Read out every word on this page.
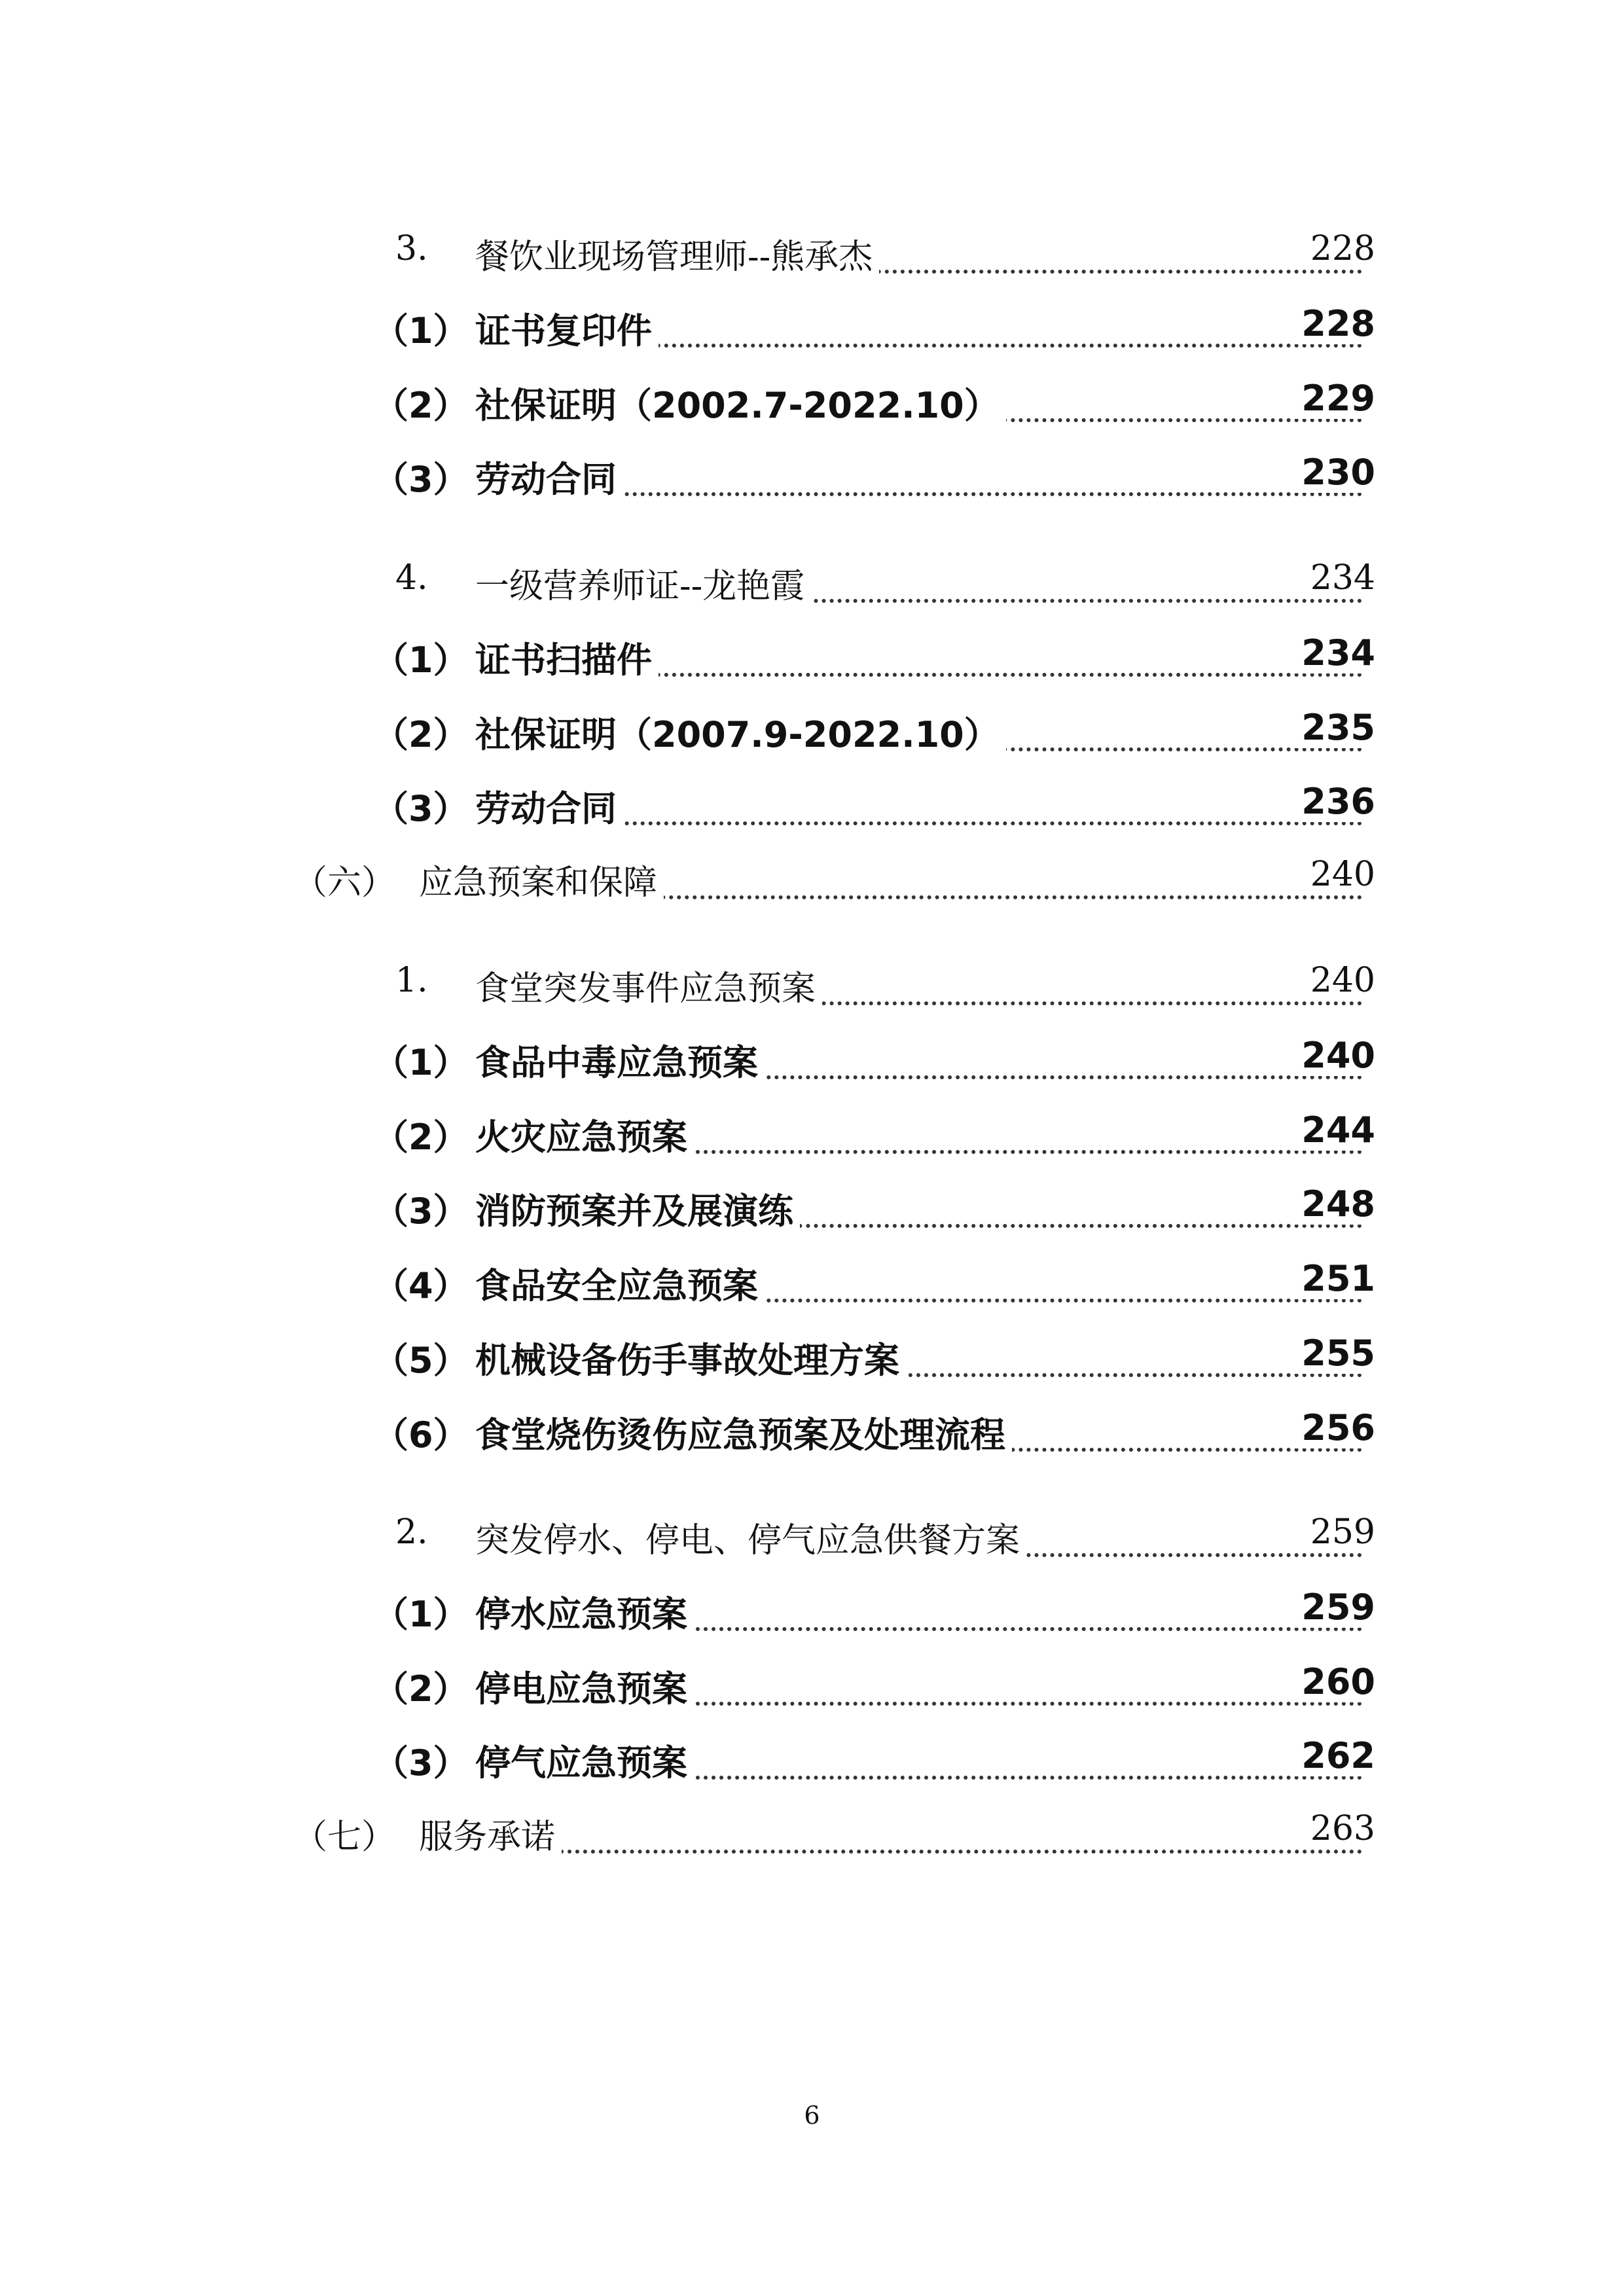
3. 餐饮业现场管理师--熊承杰	228
（1） 证书复印件	228
（2） 社保证明（2002.7-2022.10）	229
（3） 劳动合同	230
4. 一级营养师证--龙艳霞	234
（1） 证书扫描件	234
（2） 社保证明（2007.9-2022.10）	235
（3） 劳动合同	236
（六） 应急预案和保障	240
1. 食堂突发事件应急预案	240
（1） 食品中毒应急预案	240
（2） 火灾应急预案	244
（3） 消防预案并及展演练	248
（4） 食品安全应急预案	251
（5） 机械设备伤手事故处理方案	255
（6） 食堂烧伤烫伤应急预案及处理流程	256
2. 突发停水、停电、停气应急供餐方案	259
（1） 停水应急预案	259
（2） 停电应急预案	260
（3） 停气应急预案	262
（七） 服务承诺	263
6
